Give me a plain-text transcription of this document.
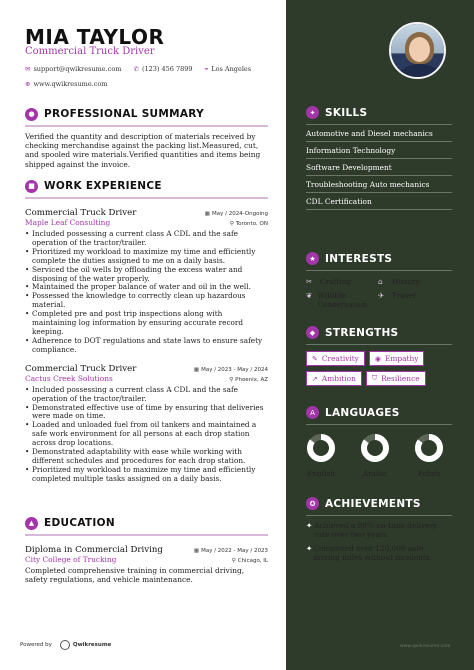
MIA TAYLOR
Commercial Truck Driver
✉ support@qwikresume.com ✆ (123) 456 7899 ⌖ Los Angeles
⊕ www.qwikresume.com
● PROFESSIONAL SUMMARY
Verified the quantity and description of materials received by checking merchandise against the packing list.Measured, cut, and spooled wire materials.Verified quantities and items being shipped against the invoice.
■ WORK EXPERIENCE
Commercial Truck Driver	▦ May / 2024-Ongoing
Maple Leaf Consulting	⚲ Toronto, ON
• Included possessing a current class A CDL and the safe operation of the tractor/trailer.
• Prioritized my workload to maximize my time and efficiently complete the duties assigned to me on a daily basis.
• Serviced the oil wells by offloading the excess water and disposing of the water properly.
• Maintained the proper balance of water and oil in the well.
• Possessed the knowledge to correctly clean up hazardous material.
• Completed pre and post trip inspections along with maintaining log information by ensuring accurate record keeping.
• Adherence to DOT regulations and state laws to ensure safety compliance.
Commercial Truck Driver	▦ May / 2023 - May / 2024
Cactus Creek Solutions	⚲ Phoenix, AZ
• Included possessing a current class A CDL and the safe operation of the tractor/trailer.
• Demonstrated effective use of time by ensuring that deliveries were made on time.
• Loaded and unloaded fuel from oil tankers and maintained a safe work environment for all persons at each drop station across drop locations.
• Demonstrated adaptability with ease while working with different schedules and procedures for each drop station.
• Prioritized my workload to maximize my time and efficiently completed multiple tasks assigned on a daily basis.
▲ EDUCATION
Diploma in Commercial Driving	▦ May / 2022 - May / 2023
City College of Trucking	⚲ Chicago, IL
Completed comprehensive training in commercial driving, safety regulations, and vehicle maintenance.
Powered by	Qwikresume
✦ SKILLS
Automotive and Diesel mechanics
Information Technology
Software Development
Troubleshooting Auto mechanics
CDL Certification
★ INTERESTS
✂	Crafting	⌂	History
❦ Wildlife Conservation
✈	Travel
◆ STRENGTHS
✎ Creativity ◉ Empathy
➚ Ambition ⛉ Resilience
A LANGUAGES
English	Arabic	Polish
✪ ACHIEVEMENTS
✦ Achieved a 98% on-time delivery rate over two years.
✦ Completed over 120,000 safe driving miles without incidents.
www.qwikresume.com
